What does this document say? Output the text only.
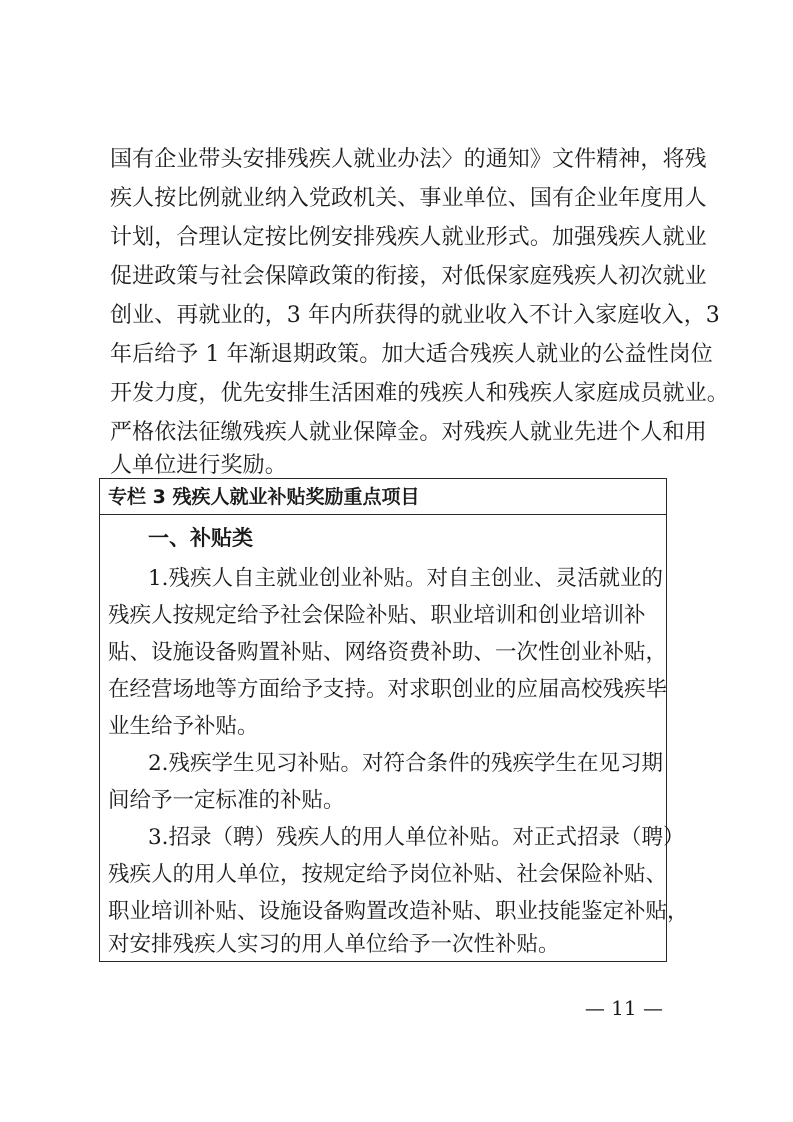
国有企业带头安排残疾人就业办法〉的通知》文件精神，将残
疾人按比例就业纳入党政机关、事业单位、国有企业年度用人
计划，合理认定按比例安排残疾人就业形式。加强残疾人就业
促进政策与社会保障政策的衔接，对低保家庭残疾人初次就业
创业、再就业的，3 年内所获得的就业收入不计入家庭收入，3
年后给予 1 年渐退期政策。加大适合残疾人就业的公益性岗位
开发力度，优先安排生活困难的残疾人和残疾人家庭成员就业。
严格依法征缴残疾人就业保障金。对残疾人就业先进个人和用
人单位进行奖励。
专栏 3 残疾人就业补贴奖励重点项目
一、补贴类
1.残疾人自主就业创业补贴。对自主创业、灵活就业的
残疾人按规定给予社会保险补贴、职业培训和创业培训补
贴、设施设备购置补贴、网络资费补助、一次性创业补贴，
在经营场地等方面给予支持。对求职创业的应届高校残疾毕
业生给予补贴。
2.残疾学生见习补贴。对符合条件的残疾学生在见习期
间给予一定标准的补贴。
3.招录（聘）残疾人的用人单位补贴。对正式招录（聘）
残疾人的用人单位，按规定给予岗位补贴、社会保险补贴、
职业培训补贴、设施设备购置改造补贴、职业技能鉴定补贴，
对安排残疾人实习的用人单位给予一次性补贴。
— 11 —
